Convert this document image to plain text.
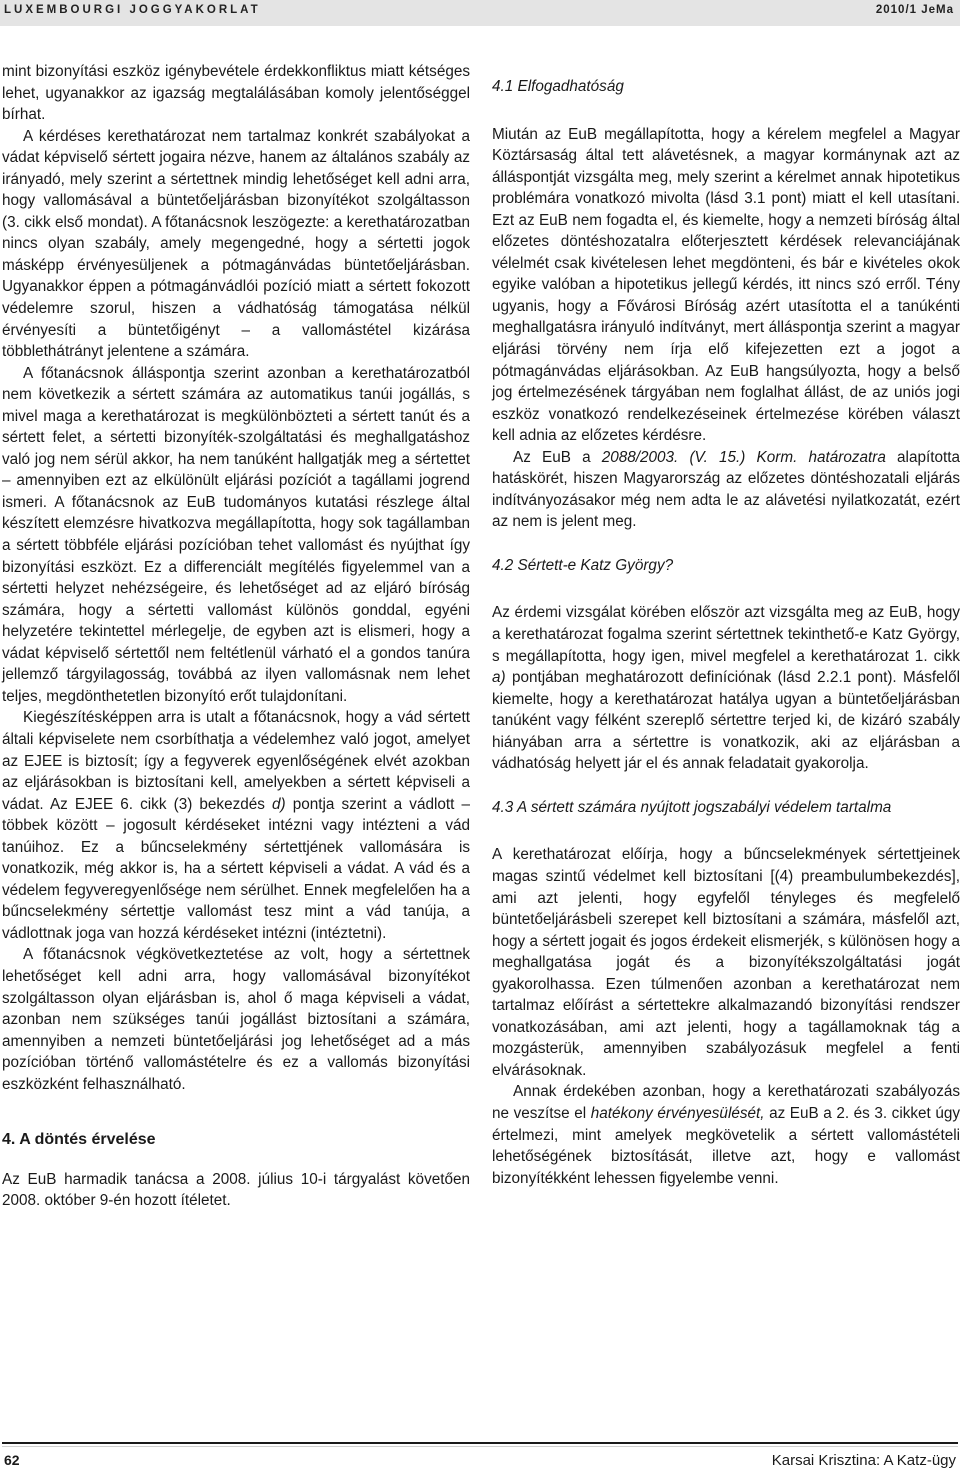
LUXEMBOURGI JOGGYAKORLAT	2010/1 JeMa

mint bizonyítási eszköz igénybevétele érdekkonfliktus miatt kétséges lehet, ugyanakkor az igazság megtalálásában komoly jelentőséggel bírhat.

A kérdéses kerethatározat nem tartalmaz konkrét szabályokat a vádat képviselő sértett jogaira nézve, hanem az általános szabály az irányadó, mely szerint a sértettnek mindig lehetőséget kell adni arra, hogy vallomásával a büntetőeljárásban bizonyítékot szolgáltasson (3. cikk első mondat). A főtanácsnok leszögezte: a kerethatározatban nincs olyan szabály, amely megengedné, hogy a sértetti jogok másképp érvényesüljenek a pótmagánvádas büntetőeljárásban. Ugyanakkor éppen a pótmagánvádlói pozíció miatt a sértett fokozott védelemre szorul, hiszen a vádhatóság támogatása nélkül érvényesíti a büntetőigényt – a vallomástétel kizárása többlethátrányt jelentene a számára.

A főtanácsnok álláspontja szerint azonban a kerethatározatból nem következik a sértett számára az automatikus tanúi jogállás, s mivel maga a kerethatározat is megkülönbözteti a sértett tanút és a sértett felet, a sértetti bizonyíték-szolgáltatási és meghallgatáshoz való jog nem sérül akkor, ha nem tanúként hallgatják meg a sértettet – amennyiben ezt az elkülönült eljárási pozíciót a tagállami jogrend ismeri. A főtanácsnok az EuB tudományos kutatási részlege által készített elemzésre hivatkozva megállapította, hogy sok tagállamban a sértett többféle eljárási pozícióban tehet vallomást és nyújthat így bizonyítási eszközt. Ez a differenciált megítélés figyelemmel van a sértetti helyzet nehézségeire, és lehetőséget ad az eljáró bíróság számára, hogy a sértetti vallomást különös gonddal, egyéni helyzetére tekintettel mérlegelje, de egyben azt is elismeri, hogy a vádat képviselő sértettől nem feltétlenül várható el a gondos tanúra jellemző tárgyilagosság, továbbá az ilyen vallomásnak nem lehet teljes, megdönthetetlen bizonyító erőt tulajdonítani.

Kiegészítésképpen arra is utalt a főtanácsnok, hogy a vád sértett általi képviselete nem csorbíthatja a védelemhez való jogot, amelyet az EJEE is biztosít; így a fegyverek egyenlőségének elvét azokban az eljárásokban is biztosítani kell, amelyekben a sértett képviseli a vádat. Az EJEE 6. cikk (3) bekezdés d) pontja szerint a vádlott – többek között – jogosult kérdéseket intézni vagy intézteni a vád tanúihoz. Ez a bűncselekmény sértettjének vallomására is vonatkozik, még akkor is, ha a sértett képviseli a vádat. A vád és a védelem fegyveregyenlősége nem sérülhet. Ennek megfelelően ha a bűncselekmény sértettje vallomást tesz mint a vád tanúja, a vádlottnak joga van hozzá kérdéseket intézni (intéztetni).

A főtanácsnok végkövetkeztetése az volt, hogy a sértettnek lehetőséget kell adni arra, hogy vallomásával bizonyítékot szolgáltasson olyan eljárásban is, ahol ő maga képviseli a vádat, azonban nem szükséges tanúi jogállást biztosítani a számára, amennyiben a nemzeti büntetőeljárási jog lehetőséget ad a más pozícióban történő vallomástételre és ez a vallomás bizonyítási eszközként felhasználható.

4. A döntés érvelése

Az EuB harmadik tanácsa a 2008. július 10-i tárgyalást követően 2008. október 9-én hozott ítéletet.

4.1 Elfogadhatóság

Miután az EuB megállapította, hogy a kérelem megfelel a Magyar Köztársaság által tett alávetésnek, a magyar kormánynak azt az álláspontját vizsgálta meg, mely szerint a kérelmet annak hipotetikus problémára vonatkozó mivolta (lásd 3.1 pont) miatt el kell utasítani. Ezt az EuB nem fogadta el, és kiemelte, hogy a nemzeti bíróság által előzetes döntéshozatalra előterjesztett kérdések relevanciájának vélelmét csak kivételesen lehet megdönteni, és bár e kivételes okok egyike valóban a hipotetikus jellegű kérdés, itt nincs szó erről. Tény ugyanis, hogy a Fővárosi Bíróság azért utasította el a tanúkénti meghallgatásra irányuló indítványt, mert álláspontja szerint a magyar eljárási törvény nem írja elő kifejezetten ezt a jogot a pótmagánvádas eljárásokban. Az EuB hangsúlyozta, hogy a belső jog értelmezésének tárgyában nem foglalhat állást, de az uniós jogi eszköz vonatkozó rendelkezéseinek értelmezése körében választ kell adnia az előzetes kérdésre.

Az EuB a 2088/2003. (V. 15.) Korm. határozatra alapította hatáskörét, hiszen Magyarország az előzetes döntéshozatali eljárás indítványozásakor még nem adta le az alávetési nyilatkozatát, ezért az nem is jelent meg.

4.2 Sértett-e Katz György?

Az érdemi vizsgálat körében először azt vizsgálta meg az EuB, hogy a kerethatározat fogalma szerint sértettnek tekinthető-e Katz György, s megállapította, hogy igen, mivel megfelel a kerethatározat 1. cikk a) pontjában meghatározott definíciónak (lásd 2.2.1 pont). Másfelől kiemelte, hogy a kerethatározat hatálya ugyan a büntetőeljárásban tanúként vagy félként szereplő sértettre terjed ki, de kizáró szabály hiányában arra a sértettre is vonatkozik, aki az eljárásban a vádhatóság helyett jár el és annak feladatait gyakorolja.

4.3 A sértett számára nyújtott jogszabályi védelem tartalma

A kerethatározat előírja, hogy a bűncselekmények sértettjeinek magas szintű védelmet kell biztosítani [(4) preambulumbekezdés], ami azt jelenti, hogy egyfelől tényleges és megfelelő büntetőeljárásbeli szerepet kell biztosítani a számára, másfelől azt, hogy a sértett jogait és jogos érdekeit elismerjék, s különösen hogy a meghallgatása jogát és a bizonyítékszolgáltatási jogát gyakorolhassa. Ezen túlmenően azonban a kerethatározat nem tartalmaz előírást a sértettekre alkalmazandó bizonyítási rendszer vonatkozásában, ami azt jelenti, hogy a tagállamoknak tág a mozgásterük, amennyiben szabályozásuk megfelel a fenti elvárásoknak.

Annak érdekében azonban, hogy a kerethatározati szabályozás ne veszítse el hatékony érvényesülését, az EuB a 2. és 3. cikket úgy értelmezi, mint amelyek megkövetelik a sértett vallomástételi lehetőségének biztosítását, illetve azt, hogy e vallomást bizonyítékként lehessen figyelembe venni.

62	Karsai Krisztina: A Katz-ügy
